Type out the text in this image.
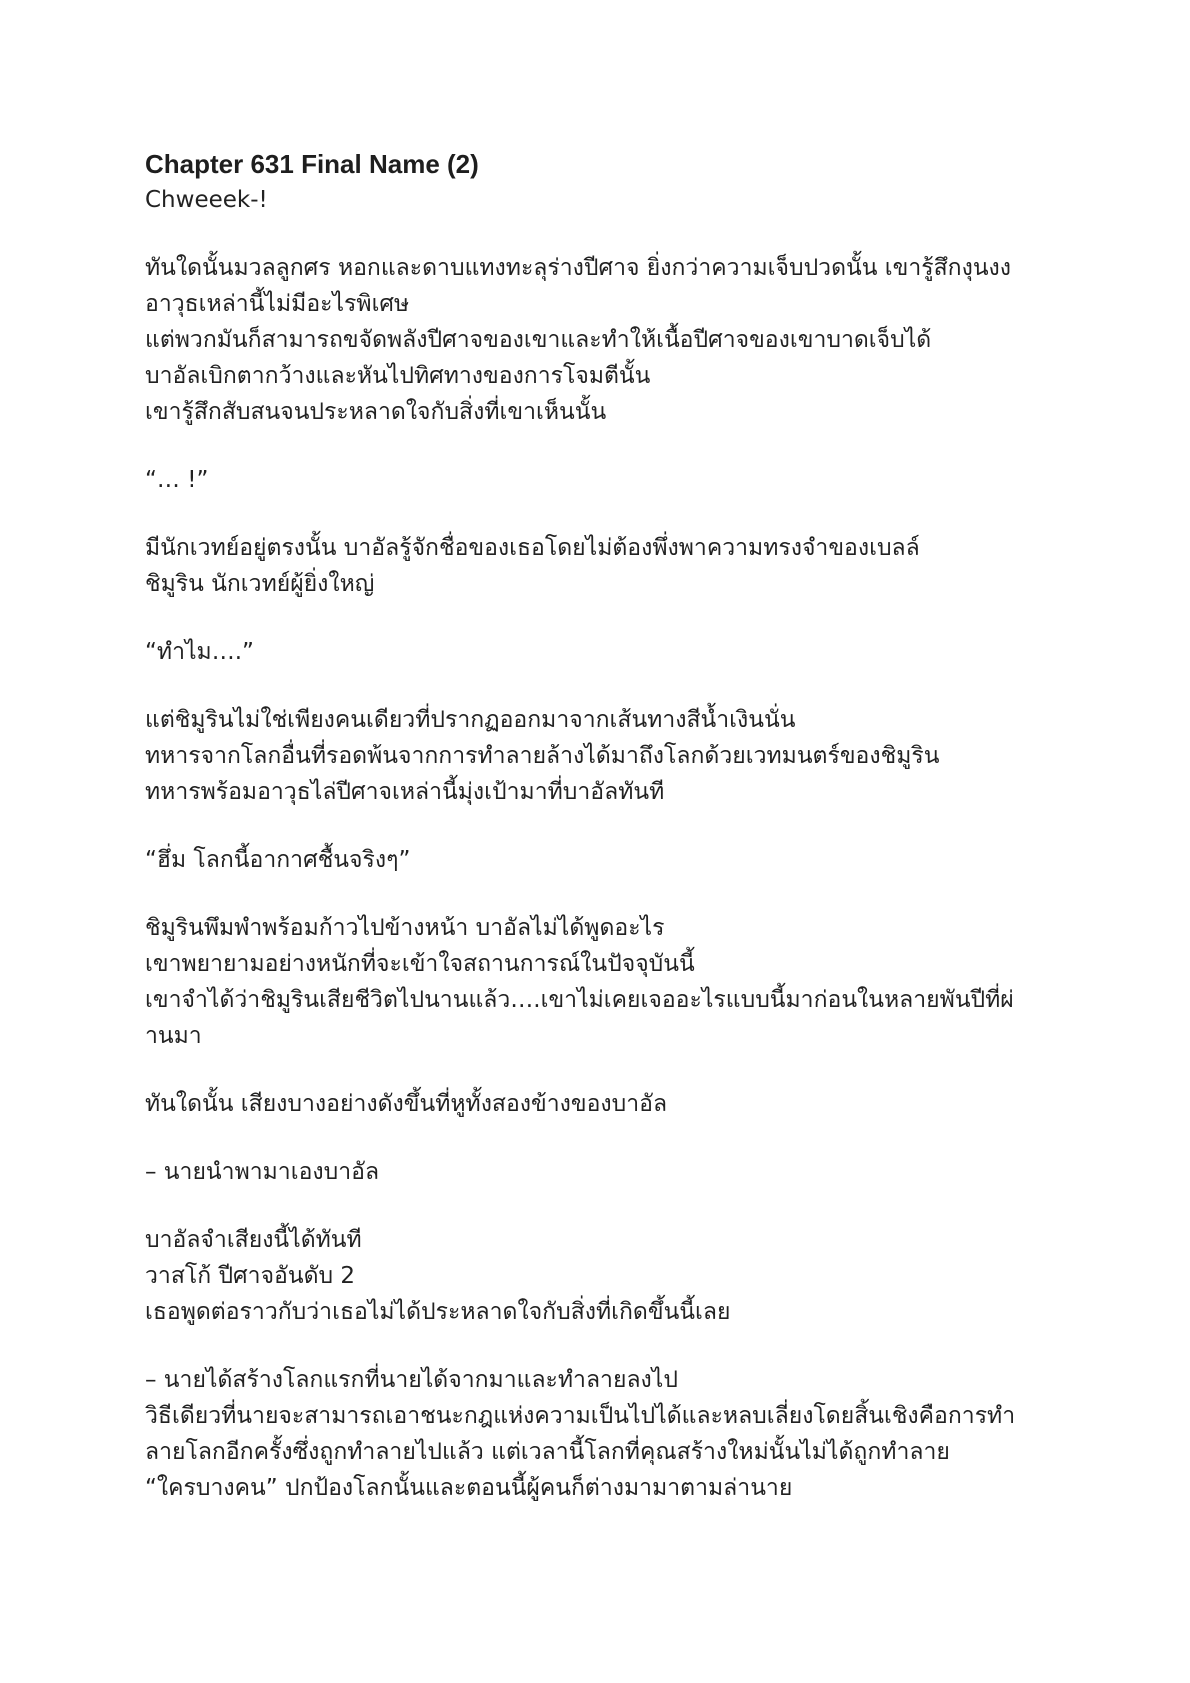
Chapter 631 Final Name (2)

Chweeek-!

ทันใดนั้นมวลลูกศร หอกและดาบแทงทะลุร่างปีศาจ ยิ่งกว่าความเจ็บปวดนั้น เขารู้สึกงุนงง

อาวุธเหล่านี้ไม่มีอะไรพิเศษ

แต่พวกมันก็สามารถขจัดพลังปีศาจของเขาและทำให้เนื้อปีศาจของเขาบาดเจ็บได้

บาอัลเบิกตากว้างและหันไปทิศทางของการโจมตีนั้น

เขารู้สึกสับสนจนประหลาดใจกับสิ่งที่เขาเห็นนั้น

“… !”

มีนักเวทย์อยู่ตรงนั้น บาอัลรู้จักชื่อของเธอโดยไม่ต้องพึ่งพาความทรงจำของเบลล์

ชิมูริน นักเวทย์ผู้ยิ่งใหญ่

“ทำไม….”

แต่ชิมูรินไม่ใช่เพียงคนเดียวที่ปรากฏออกมาจากเส้นทางสีน้ำเงินนั่น

ทหารจากโลกอื่นที่รอดพ้นจากการทำลายล้างได้มาถึงโลกด้วยเวทมนตร์ของชิมูริน

ทหารพร้อมอาวุธไล่ปีศาจเหล่านี้มุ่งเป้ามาที่บาอัลทันที

“ฮึ่ม โลกนี้อากาศชื้นจริงๆ”

ชิมูรินพึมพำพร้อมก้าวไปข้างหน้า บาอัลไม่ได้พูดอะไร

เขาพยายามอย่างหนักที่จะเข้าใจสถานการณ์ในปัจจุบันนี้

เขาจำได้ว่าชิมูรินเสียชีวิตไปนานแล้ว….เขาไม่เคยเจออะไรแบบนี้มาก่อนในหลายพันปีที่ผ่

านมา

ทันใดนั้น เสียงบางอย่างดังขึ้นที่หูทั้งสองข้างของบาอัล

– นายนำพามาเองบาอัล

บาอัลจำเสียงนี้ได้ทันที

วาสโก้ ปีศาจอันดับ 2

เธอพูดต่อราวกับว่าเธอไม่ได้ประหลาดใจกับสิ่งที่เกิดขึ้นนี้เลย

– นายได้สร้างโลกแรกที่นายได้จากมาและทำลายลงไป

วิธีเดียวที่นายจะสามารถเอาชนะกฎแห่งความเป็นไปได้และหลบเลี่ยงโดยสิ้นเชิงคือการทำ

ลายโลกอีกครั้งซึ่งถูกทำลายไปแล้ว แต่เวลานี้โลกที่คุณสร้างใหม่นั้นไม่ได้ถูกทำลาย

“ใครบางคน” ปกป้องโลกนั้นและตอนนี้ผู้คนก็ต่างมามาตามล่านาย
